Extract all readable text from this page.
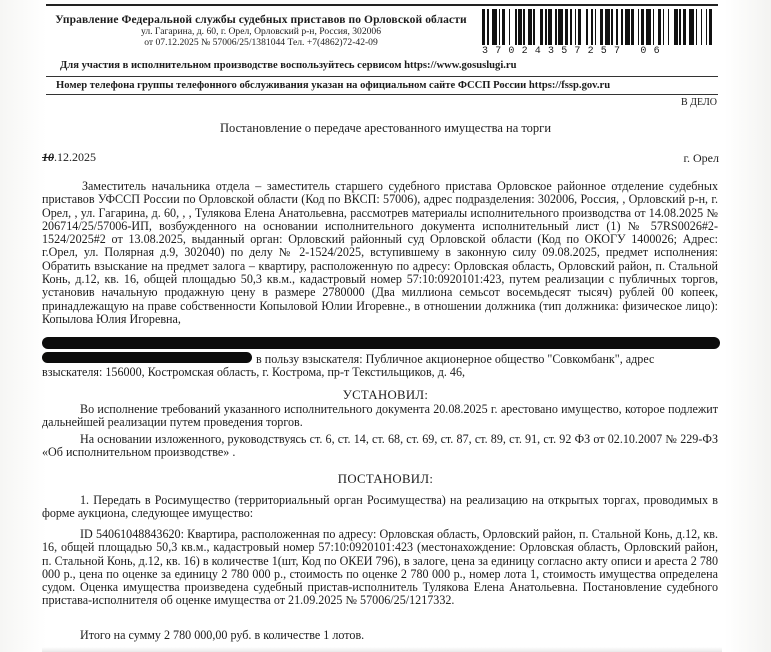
Управление Федеральной службы судебных приставов по Орловской области
ул. Гагарина, д. 60, г. Орел, Орловский р-н, Россия, 302006
от 07.12.2025 № 57006/25/1381044 Тел. +7(4862)72-42-09
37024357257 06
Для участия в исполнительном производстве воспользуйтесь сервисом https://www.gosuslugi.ru
Номер телефона группы телефонного обслуживания указан на официальном сайте ФССП России https://fssp.gov.ru
В ДЕЛО
Постановление о передаче арестованного имущества на торги
10.12.2025	г. Орел
Заместитель начальника отдела – заместитель старшего судебного пристава Орловское районное отделение судебных приставов УФССП России по Орловской области (Код по ВКСП: 57006), адрес подразделения: 302006, Россия, , Орловский р-н, г. Орел, , ул. Гагарина, д. 60, , , Тулякова Елена Анатольевна, рассмотрев материалы исполнительного производства от 14.08.2025 № 206714/25/57006-ИП, возбужденного на основании исполнительного документа исполнительный лист (1) № 57RS0026#2-1524/2025#2 от 13.08.2025, выданный орган: Орловский районный суд Орловской области (Код по ОКОГУ 1400026; Адрес: г.Орел, ул. Полярная д.9, 302040) по делу № 2-1524/2025, вступившему в законную силу 09.08.2025, предмет исполнения: Обратить взыскание на предмет залога – квартиру, расположенную по адресу: Орловская область, Орловский район, п. Стальной Конь, д.12, кв. 16, общей площадью 50,3 кв.м., кадастровый номер 57:10:0920101:423, путем реализации с публичных торгов, установив начальную продажную цену в размере 2780000 (Два миллиона семьсот восемьдесят тысяч) рублей 00 копеек, принадлежащую на праве собственности Копыловой Юлии Игоревне., в отношении должника (тип должника: физическое лицо): Копылова Юлия Игоревна,
в пользу взыскателя: Публичное акционерное общество "Совкомбанк", адрес
взыскателя: 156000, Костромская область, г. Кострома, пр-т Текстильщиков, д. 46,
УСТАНОВИЛ:
Во исполнение требований указанного исполнительного документа 20.08.2025 г. арестовано имущество, которое подлежит дальнейшей реализации путем проведения торгов.
На основании изложенного, руководствуясь ст. 6, ст. 14, ст. 68, ст. 69, ст. 87, ст. 89, ст. 91, ст. 92 ФЗ от 02.10.2007 № 229-ФЗ «Об исполнительном производстве» .
ПОСТАНОВИЛ:
1. Передать в Росимущество (территориальный орган Росимущества) на реализацию на открытых торгах, проводимых в форме аукциона, следующее имущество:
ID 54061048843620: Квартира, расположенная по адресу: Орловская область, Орловский район, п. Стальной Конь, д.12, кв. 16, общей площадью 50,3 кв.м., кадастровый номер 57:10:0920101:423 (местонахождение: Орловская область, Орловский район, п. Стальной Конь, д.12, кв. 16) в количестве 1(шт, Код по ОКЕИ 796), в залоге, цена за единицу согласно акту описи и ареста 2 780 000 р., цена по оценке за единицу 2 780 000 р., стоимость по оценке 2 780 000 р., номер лота 1, стоимость имущества определена судом. Оценка имущества произведена судебный пристав-исполнитель Тулякова Елена Анатольевна. Постановление судебного пристава-исполнителя об оценке имущества от 21.09.2025 № 57006/25/1217332.
Итого на сумму 2 780 000,00 руб. в количестве 1 лотов.
